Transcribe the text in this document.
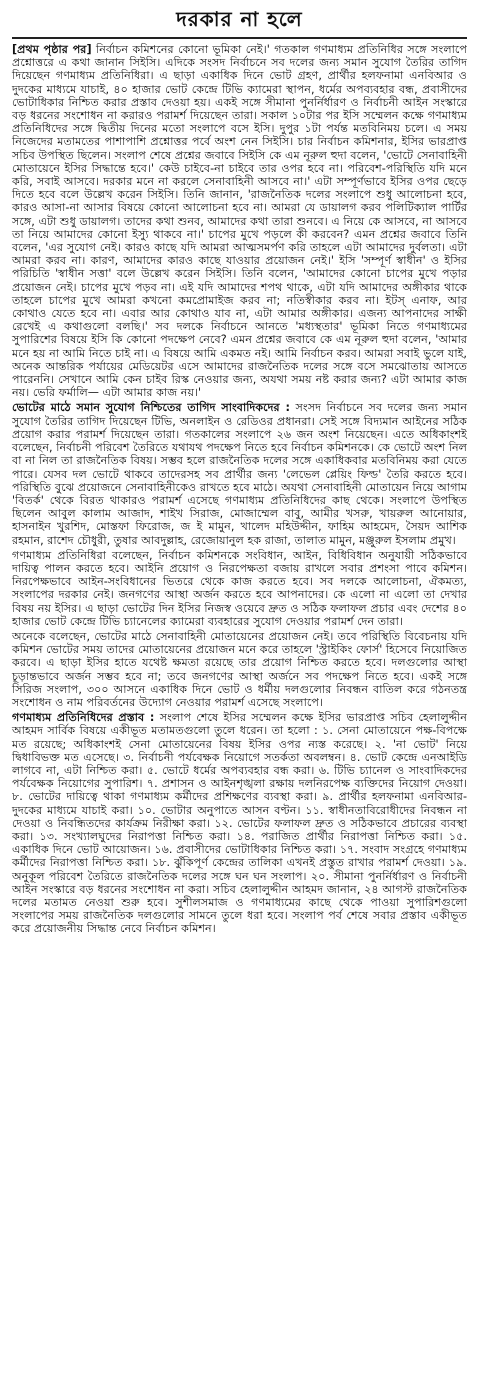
দরকার না হলে

[প্রথম পৃষ্ঠার পর] নির্বাচন কমিশনের কোনো ভূমিকা নেই।' গতকাল গণমাধ্যম প্রতিনিধির সঙ্গে সংলাপে প্রশ্নোত্তরে এ কথা জানান সিইসি। এদিকে সংসদ নির্বাচনে সব দলের জন্য সমান সুযোগ তৈরির তাগিদ দিয়েছেন গণমাধ্যম প্রতিনিধিরা। এ ছাড়া একাধিক দিনে ভোট গ্রহণ, প্রার্থীর হলফনামা এনবিআর ও দুদকের মাধ্যমে যাচাই, ৪০ হাজার ভোট কেন্দ্রে টিভি ক্যামেরা স্থাপন, ধর্মের অপব্যবহার বন্ধ, প্রবাসীদের ভোটাধিকার নিশ্চিত করার প্রস্তাব দেওয়া হয়। একই সঙ্গে সীমানা পুনর্নির্ধারণ ও নির্বাচনী আইন সংস্কারে বড় ধরনের সংশোধন না করারও পরামর্শ দিয়েছেন তারা। সকাল ১০টার পর ইসি সম্মেলন কক্ষে গণমাধ্যম প্রতিনিধিদের সঙ্গে দ্বিতীয় দিনের মতো সংলাপে বসে ইসি। দুপুর ১টা পর্যন্ত মতবিনিময় চলে। এ সময় নিজেদের মতামতের পাশাপাশি প্রশ্নোত্তর পর্বে অংশ নেন সিইসি। চার নির্বাচন কমিশনার, ইসির ভারপ্রাপ্ত সচিব উপস্থিত ছিলেন। সংলাপ শেষে প্রশ্নের জবাবে সিইসি কে এম নূরুল হুদা বলেন, 'ভোটে সেনাবাহিনী মোতায়েনে ইসির সিদ্ধান্তে হবে।' কেউ চাইবে-না চাইবে তার ওপর হবে না। পরিবেশ-পরিস্থিতি যদি মনে করি, সবাই আসবে। দরকার মনে না করলে সেনাবাহিনী আসবে না।' এটা সম্পূর্ণভাবে ইসির ওপর ছেড়ে দিতে হবে বলে উল্লেখ করেন সিইসি। তিনি জানান, 'রাজনৈতিক দলের সংলাপে শুধু আলোচনা হবে, কারও আসা-না আসার বিষয়ে কোনো আলোচনা হবে না। আমরা যে ডায়ালগ করব পলিটিক্যাল পার্টির সঙ্গে, এটা শুধু ডায়ালগ। তাদের কথা শুনব, আমাদের কথা তারা শুনবে। এ নিয়ে কে আসবে, না আসবে তা নিয়ে আমাদের কোনো ইস্যু থাকবে না।' চাপের মুখে পড়লে কী করবেন? এমন প্রশ্নের জবাবে তিনি বলেন, 'এর সুযোগ নেই। কারও কাছে যদি আমরা আত্মসমর্পণ করি তাহলে এটা আমাদের দুর্বলতা। এটা আমরা করব না। কারণ, আমাদের কারও কাছে যাওয়ার প্রয়োজন নেই।' ইসি 'সম্পূর্ণ স্বাধীন' ও ইসির পরিচিতি 'স্বাধীন সত্তা' বলে উল্লেখ করেন সিইসি। তিনি বলেন, 'আমাদের কোনো চাপের মুখে পড়ার প্রয়োজন নেই। চাপের মুখে পড়ব না। এই যদি আমাদের শপথ থাকে, এটা যদি আমাদের অঙ্গীকার থাকে তাহলে চাপের মুখে আমরা কখনো কমপ্রোমাইজ করব না; নতিস্বীকার করব না। ইটস্ এনাফ, আর কোথাও যেতে হবে না। এবার আর কোথাও যাব না, এটা আমার অঙ্গীকার। এজন্য আপনাদের সাক্ষী রেখেই এ কথাগুলো বলছি।' সব দলকে নির্বাচনে আনতে 'মধ্যস্থতার' ভূমিকা নিতে গণমাধ্যমের সুপারিশের বিষয়ে ইসি কি কোনো পদক্ষেপ নেবে? এমন প্রশ্নের জবাবে কে এম নূরুল হুদা বলেন, 'আমার মনে হয় না আমি নিতে চাই না। এ বিষয়ে আমি একমত নই। আমি নির্বাচন করব। আমরা সবাই ভুলে যাই, অনেক আন্তরিক পর্যায়ের মেডিয়েটর এসে আমাদের রাজনৈতিক দলের সঙ্গে বসে সমঝোতায় আসতে পারেননি। সেখানে আমি কেন চাইব রিস্ক নেওয়ার জন্য, অযথা সময় নষ্ট করার জন্য? এটা আমার কাজ নয়। ভেরি ফর্মালি— এটা আমার কাজ নয়।'

ভোটের মাঠে সমান সুযোগ নিশ্চিতের তাগিদ সাংবাদিকদের : সংসদ নির্বাচনে সব দলের জন্য সমান সুযোগ তৈরির তাগিদ দিয়েছেন টিভি, অনলাইন ও রেডিওর প্রধানরা। সেই সঙ্গে বিদ্যমান আইনের সঠিক প্রয়োগ করার পরামর্শ দিয়েছেন তারা। গতকালের সংলাপে ২৬ জন অংশ নিয়েছেন। এতে অধিকাংশই বলেছেন, নির্বাচনী পরিবেশ তৈরিতে যথাযথ পদক্ষেপ নিতে হবে নির্বাচন কমিশনকে। কে ভোটে অংশ নিল বা না নিল তা রাজনৈতিক বিষয়। সম্ভব হলে রাজনৈতিক দলের সঙ্গে একাধিকবার মতবিনিময় করা যেতে পারে। যেসব দল ভোটে থাকবে তাদেরসহ সব প্রার্থীর জন্য 'লেভেল প্লেয়িং ফিল্ড' তৈরি করতে হবে। পরিস্থিতি বুঝে প্রয়োজনে সেনাবাহিনীকেও রাখতে হবে মাঠে। অযথা সেনাবাহিনী মোতায়েন নিয়ে আগাম 'বিতর্ক' থেকে বিরত থাকারও পরামর্শ এসেছে গণমাধ্যম প্রতিনিধিদের কাছ থেকে। সংলাপে উপস্থিত ছিলেন আবুল কালাম আজাদ, শাইখ সিরাজ, মোজাম্মেল বাবু, আমীর খসরু, খায়রুল আনোয়ার, হাসনাইন খুরশিদ, মোস্তফা ফিরোজ, জ ই মামুন, খালেদ মহিউদ্দীন, ফাহিম আহমেদ, সৈয়দ আশিক রহমান, রাশেদ চৌধুরী, তুষার আবদুল্লাহ, রেজোয়ানুল হক রাজা, তালাত মামুন, মঞ্জুরুল ইসলাম প্রমুখ।

গণমাধ্যম প্রতিনিধিরা বলেছেন, নির্বাচন কমিশনকে সংবিধান, আইন, বিধিবিধান অনুযায়ী সঠিকভাবে দায়িত্ব পালন করতে হবে। আইনি প্রয়োগ ও নিরপেক্ষতা বজায় রাখলে সবার প্রশংসা পাবে কমিশন। নিরপেক্ষভাবে আইন-সংবিধানের ভিতরে থেকে কাজ করতে হবে। সব দলকে আলোচনা, ঐকমত্য, সংলাপের দরকার নেই। জনগণের আস্থা অর্জন করতে হবে আপনাদের। কে এলো না এলো তা দেখার বিষয় নয় ইসির। এ ছাড়া ভোটের দিন ইসির নিজস্ব ওয়েবে দ্রুত ও সঠিক ফলাফল প্রচার এবং দেশের ৪০ হাজার ভোট কেন্দ্রে টিভি চ্যানেলের ক্যামেরা ব্যবহারের সুযোগ দেওয়ার পরামর্শ দেন তারা।

অনেকে বলেছেন, ভোটের মাঠে সেনাবাহিনী মোতায়েনের প্রয়োজন নেই। তবে পরিস্থিতি বিবেচনায় যদি কমিশন ভোটের সময় তাদের মোতায়েনের প্রয়োজন মনে করে তাহলে 'স্ট্রাইকিং ফোর্স' হিসেবে নিয়োজিত করবে। এ ছাড়া ইসির হাতে যথেষ্ট ক্ষমতা রয়েছে তার প্রয়োগ নিশ্চিত করতে হবে। দলগুলোর আস্থা চূড়ান্তভাবে অর্জন সম্ভব হবে না; তবে জনগণের আস্থা অর্জনে সব পদক্ষেপ নিতে হবে। একই সঙ্গে সিরিজ সংলাপ, ৩০০ আসনে একাধিক দিনে ভোট ও ধর্মীয় দলগুলোর নিবন্ধন বাতিল করে গঠনতন্ত্র সংশোধন ও নাম পরিবর্তনের উদ্যোগ নেওয়ার পরামর্শ এসেছে সংলাপে।

গণমাধ্যম প্রতিনিধিদের প্রস্তাব : সংলাপ শেষে ইসির সম্মেলন কক্ষে ইসির ভারপ্রাপ্ত সচিব হেলালুদ্দীন আহমদ সার্বিক বিষয়ে একীভূত মতামতগুলো তুলে ধরেন। তা হলো : ১. সেনা মোতায়েনে পক্ষ-বিপক্ষে মত রয়েছে; অধিকাংশই সেনা মোতায়েনের বিষয় ইসির ওপর ন্যস্ত করেছে। ২. 'না ভোট' নিয়ে দ্বিধাবিভক্ত মত এসেছে। ৩. নির্বাচনী পর্যবেক্ষক নিয়োগে সতর্কতা অবলম্বন। ৪. ভোট কেন্দ্রে এনআইডি লাগবে না, এটা নিশ্চিত করা। ৫. ভোটে ধর্মের অপব্যবহার বন্ধ করা। ৬. টিভি চ্যানেল ও সাংবাদিকদের পর্যবেক্ষক নিয়োগের সুপারিশ। ৭. প্রশাসন ও আইনশৃঙ্খলা রক্ষায় দলনিরপেক্ষ ব্যক্তিদের নিয়োগ দেওয়া। ৮. ভোটের দায়িত্বে থাকা গণমাধ্যম কর্মীদের প্রশিক্ষণের ব্যবস্থা করা। ৯. প্রার্থীর হলফনামা এনবিআর-দুদকের মাধ্যমে যাচাই করা। ১০. ভোটার অনুপাতে আসন বণ্টন। ১১. স্বাধীনতাবিরোধীদের নিবন্ধন না দেওয়া ও নিবন্ধিতদের কার্যক্রম নিরীক্ষা করা। ১২. ভোটের ফলাফল দ্রুত ও সঠিকভাবে প্রচারের ব্যবস্থা করা। ১৩. সংখ্যালঘুদের নিরাপত্তা নিশ্চিত করা। ১৪. পরাজিত প্রার্থীর নিরাপত্তা নিশ্চিত করা। ১৫. একাধিক দিনে ভোট আয়োজন। ১৬. প্রবাসীদের ভোটাধিকার নিশ্চিত করা। ১৭. সংবাদ সংগ্রহে গণমাধ্যম কর্মীদের নিরাপত্তা নিশ্চিত করা। ১৮. ঝুঁকিপূর্ণ কেন্দ্রের তালিকা এখনই প্রস্তুত রাখার পরামর্শ দেওয়া। ১৯. অনুকূল পরিবেশ তৈরিতে রাজনৈতিক দলের সঙ্গে ঘন ঘন সংলাপ। ২০. সীমানা পুনর্নির্ধারণ ও নির্বাচনী আইন সংস্কারে বড় ধরনের সংশোধন না করা। সচিব হেলালুদ্দীন আহমদ জানান, ২৪ আগস্ট রাজনৈতিক দলের মতামত নেওয়া শুরু হবে। সুশীলসমাজ ও গণমাধ্যমের কাছে থেকে পাওয়া সুপারিশগুলো সংলাপের সময় রাজনৈতিক দলগুলোর সামনে তুলে ধরা হবে। সংলাপ পর্ব শেষে সবার প্রস্তাব একীভূত করে প্রয়োজনীয় সিদ্ধান্ত নেবে নির্বাচন কমিশন।
